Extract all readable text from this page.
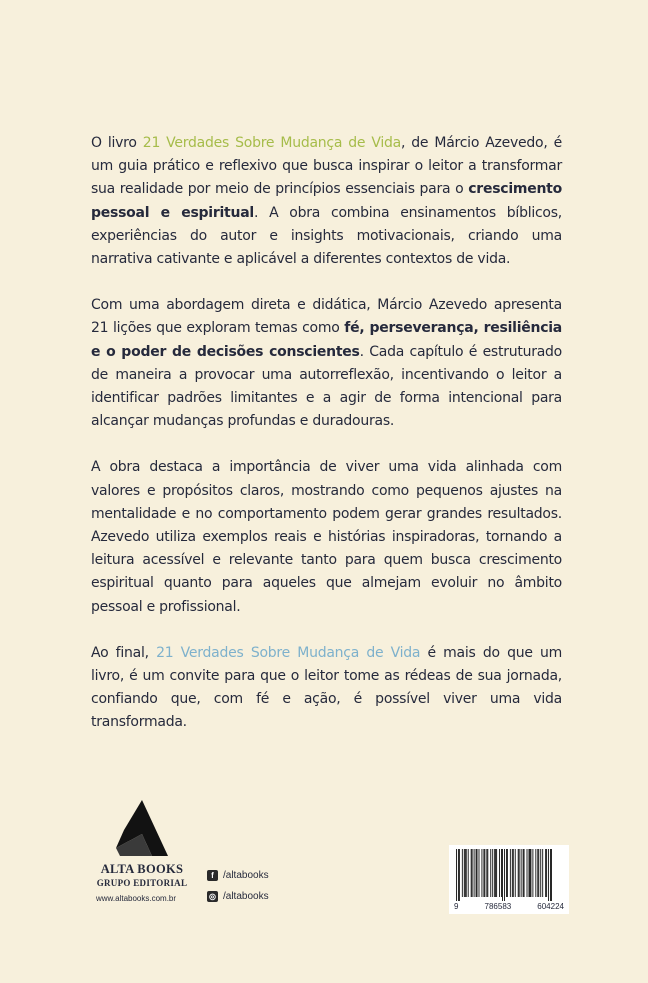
O livro 21 Verdades Sobre Mudança de Vida, de Márcio Azevedo, é um guia prático e reflexivo que busca inspirar o leitor a transformar sua realidade por meio de princípios essenciais para o crescimento pessoal e espiritual. A obra combina ensinamentos bíblicos, experiências do autor e insights motivacionais, criando uma narrativa cativante e aplicável a diferentes contextos de vida.

Com uma abordagem direta e didática, Márcio Azevedo apresenta 21 lições que exploram temas como fé, perseverança, resiliência e o poder de decisões conscientes. Cada capítulo é estruturado de maneira a provocar uma autorreflexão, incentivando o leitor a identificar padrões limitantes e a agir de forma intencional para alcançar mudanças profundas e duradouras.

A obra destaca a importância de viver uma vida alinhada com valores e propósitos claros, mostrando como pequenos ajustes na mentalidade e no comportamento podem gerar grandes resultados. Azevedo utiliza exemplos reais e histórias inspiradoras, tornando a leitura acessível e relevante tanto para quem busca crescimento espiritual quanto para aqueles que almejam evoluir no âmbito pessoal e profissional.

Ao final, 21 Verdades Sobre Mudança de Vida é mais do que um livro, é um convite para que o leitor tome as rédeas de sua jornada, confiando que, com fé e ação, é possível viver uma vida transformada.

ALTA BOOKS
GRUPO EDITORIAL
www.altabooks.com.br
f /altabooks
◎ /altabooks
9	786583	604224
